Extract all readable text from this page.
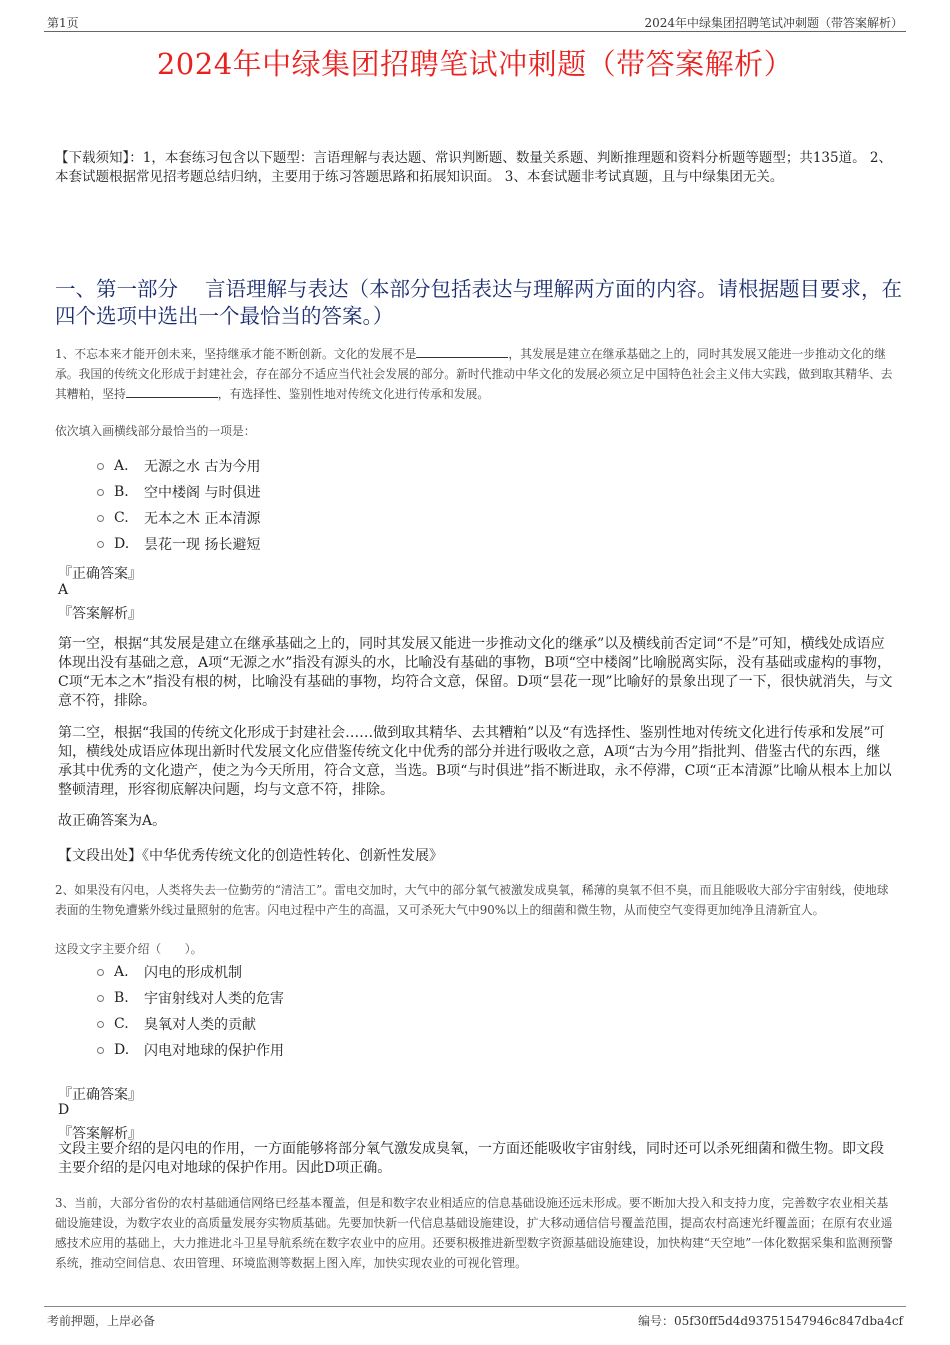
第1页	2024年中绿集团招聘笔试冲刺题（带答案解析）
2024年中绿集团招聘笔试冲刺题（带答案解析）
【下载须知】：1，本套练习包含以下题型：言语理解与表达题、常识判断题、数量关系题、判断推理题和资料分析题等题型；共135道。 2、本套试题根据常见招考题总结归纳，主要用于练习答题思路和拓展知识面。 3、本套试题非考试真题，且与中绿集团无关。
一、第一部分　 言语理解与表达（本部分包括表达与理解两方面的内容。请根据题目要求，在四个选项中选出一个最恰当的答案。）
1、不忘本来才能开创未来，坚持继承才能不断创新。文化的发展不是	，其发展是建立在继承基础之上的，同时其发展又能进一步推动文化的继承。我国的传统文化形成于封建社会，存在部分不适应当代社会发展的部分。新时代推动中华文化的发展必须立足中国特色社会主义伟大实践，做到取其精华、去其糟粕，坚持	，有选择性、鉴别性地对传统文化进行传承和发展。
依次填入画横线部分最恰当的一项是：
A.	无源之水 古为今用
B.	空中楼阁 与时俱进
C.	无本之木 正本清源
D.	昙花一现 扬长避短
『正确答案』
A
『答案解析』
第一空，根据“其发展是建立在继承基础之上的，同时其发展又能进一步推动文化的继承”以及横线前否定词“不是”可知，横线处成语应体现出没有基础之意，A项“无源之水”指没有源头的水，比喻没有基础的事物，B项“空中楼阁”比喻脱离实际，没有基础或虚构的事物，C项“无本之木”指没有根的树，比喻没有基础的事物，均符合文意，保留。D项“昙花一现”比喻好的景象出现了一下，很快就消失，与文意不符，排除。
第二空，根据“我国的传统文化形成于封建社会……做到取其精华、去其糟粕”以及“有选择性、鉴别性地对传统文化进行传承和发展”可知，横线处成语应体现出新时代发展文化应借鉴传统文化中优秀的部分并进行吸收之意，A项“古为今用”指批判、借鉴古代的东西，继承其中优秀的文化遗产，使之为今天所用，符合文意，当选。B项“与时俱进”指不断进取，永不停滞，C项“正本清源”比喻从根本上加以整顿清理，形容彻底解决问题，均与文意不符，排除。
故正确答案为A。
【文段出处】《中华优秀传统文化的创造性转化、创新性发展》
2、如果没有闪电，人类将失去一位勤劳的“清洁工”。雷电交加时，大气中的部分氧气被激发成臭氧，稀薄的臭氧不但不臭，而且能吸收大部分宇宙射线，使地球表面的生物免遭紫外线过量照射的危害。闪电过程中产生的高温，又可杀死大气中90%以上的细菌和微生物，从而使空气变得更加纯净且清新宜人。
这段文字主要介绍（　　）。
A.	闪电的形成机制
B.	宇宙射线对人类的危害
C.	臭氧对人类的贡献
D.	闪电对地球的保护作用
『正确答案』
D
『答案解析』
文段主要介绍的是闪电的作用，一方面能够将部分氧气激发成臭氧，一方面还能吸收宇宙射线，同时还可以杀死细菌和微生物。即文段主要介绍的是闪电对地球的保护作用。因此D项正确。
3、当前，大部分省份的农村基础通信网络已经基本覆盖，但是和数字农业相适应的信息基础设施还远未形成。要不断加大投入和支持力度，完善数字农业相关基础设施建设，为数字农业的高质量发展夯实物质基础。先要加快新一代信息基础设施建设，扩大移动通信信号覆盖范围，提高农村高速光纤覆盖面；在原有农业遥感技术应用的基础上，大力推进北斗卫星导航系统在数字农业中的应用。还要积极推进新型数字资源基础设施建设，加快构建“天空地”一体化数据采集和监测预警系统，推动空间信息、农田管理、环境监测等数据上图入库，加快实现农业的可视化管理。
考前押题，上岸必备	编号：05f30ff5d4d93751547946c847dba4cf
